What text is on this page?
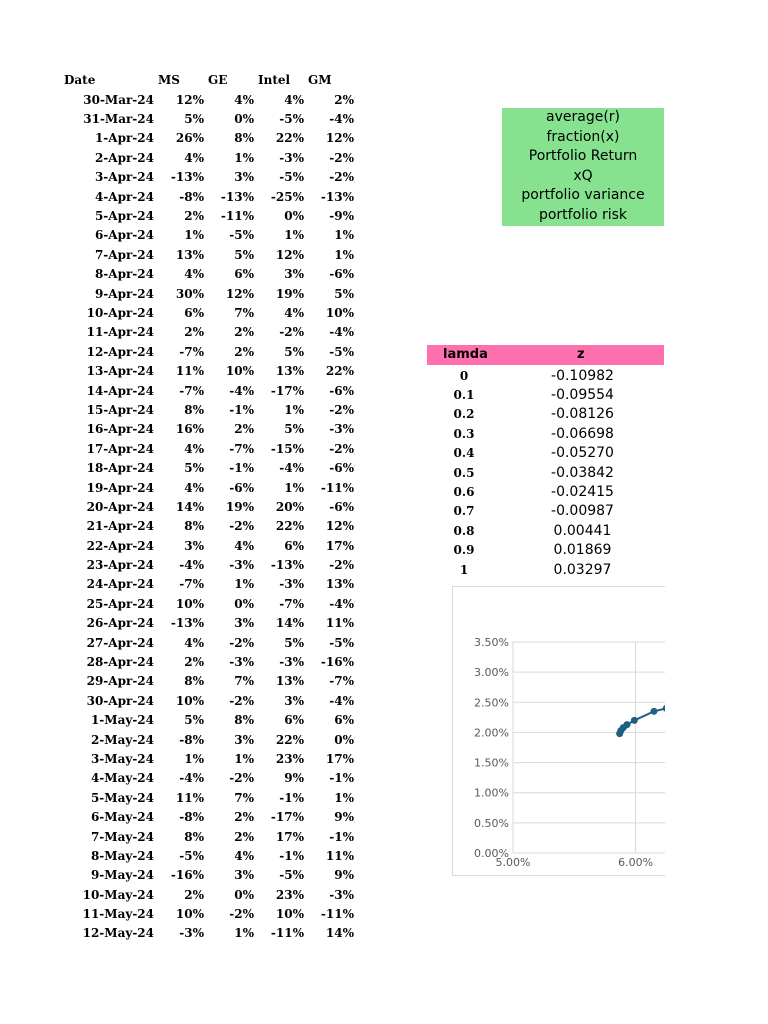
Date	MS	GE	Intel	GM
30-Mar-24	12%	4%	4%	2%
31-Mar-24	5%	0%	-5%	-4%
1-Apr-24	26%	8%	22%	12%
2-Apr-24	4%	1%	-3%	-2%
3-Apr-24	-13%	3%	-5%	-2%
4-Apr-24	-8%	-13%	-25%	-13%
5-Apr-24	2%	-11%	0%	-9%
6-Apr-24	1%	-5%	1%	1%
7-Apr-24	13%	5%	12%	1%
8-Apr-24	4%	6%	3%	-6%
9-Apr-24	30%	12%	19%	5%
10-Apr-24	6%	7%	4%	10%
11-Apr-24	2%	2%	-2%	-4%
12-Apr-24	-7%	2%	5%	-5%
13-Apr-24	11%	10%	13%	22%
14-Apr-24	-7%	-4%	-17%	-6%
15-Apr-24	8%	-1%	1%	-2%
16-Apr-24	16%	2%	5%	-3%
17-Apr-24	4%	-7%	-15%	-2%
18-Apr-24	5%	-1%	-4%	-6%
19-Apr-24	4%	-6%	1%	-11%
20-Apr-24	14%	19%	20%	-6%
21-Apr-24	8%	-2%	22%	12%
22-Apr-24	3%	4%	6%	17%
23-Apr-24	-4%	-3%	-13%	-2%
24-Apr-24	-7%	1%	-3%	13%
25-Apr-24	10%	0%	-7%	-4%
26-Apr-24	-13%	3%	14%	11%
27-Apr-24	4%	-2%	5%	-5%
28-Apr-24	2%	-3%	-3%	-16%
29-Apr-24	8%	7%	13%	-7%
30-Apr-24	10%	-2%	3%	-4%
1-May-24	5%	8%	6%	6%
2-May-24	-8%	3%	22%	0%
3-May-24	1%	1%	23%	17%
4-May-24	-4%	-2%	9%	-1%
5-May-24	11%	7%	-1%	1%
6-May-24	-8%	2%	-17%	9%
7-May-24	8%	2%	17%	-1%
8-May-24	-5%	4%	-1%	11%
9-May-24	-16%	3%	-5%	9%
10-May-24	2%	0%	23%	-3%
11-May-24	10%	-2%	10%	-11%
12-May-24	-3%	1%	-11%	14%
average(r)
fraction(x)
Portfolio Return
xQ
portfolio variance
portfolio risk
lamda	z
0	-0.10982
0.1	-0.09554
0.2	-0.08126
0.3	-0.06698
0.4	-0.05270
0.5	-0.03842
0.6	-0.02415
0.7	-0.00987
0.8	0.00441
0.9	0.01869
1	0.03297
0.00%
0.50%
1.00%
1.50%
2.00%
2.50%
3.00%
3.50%
5.00%	6.00%
